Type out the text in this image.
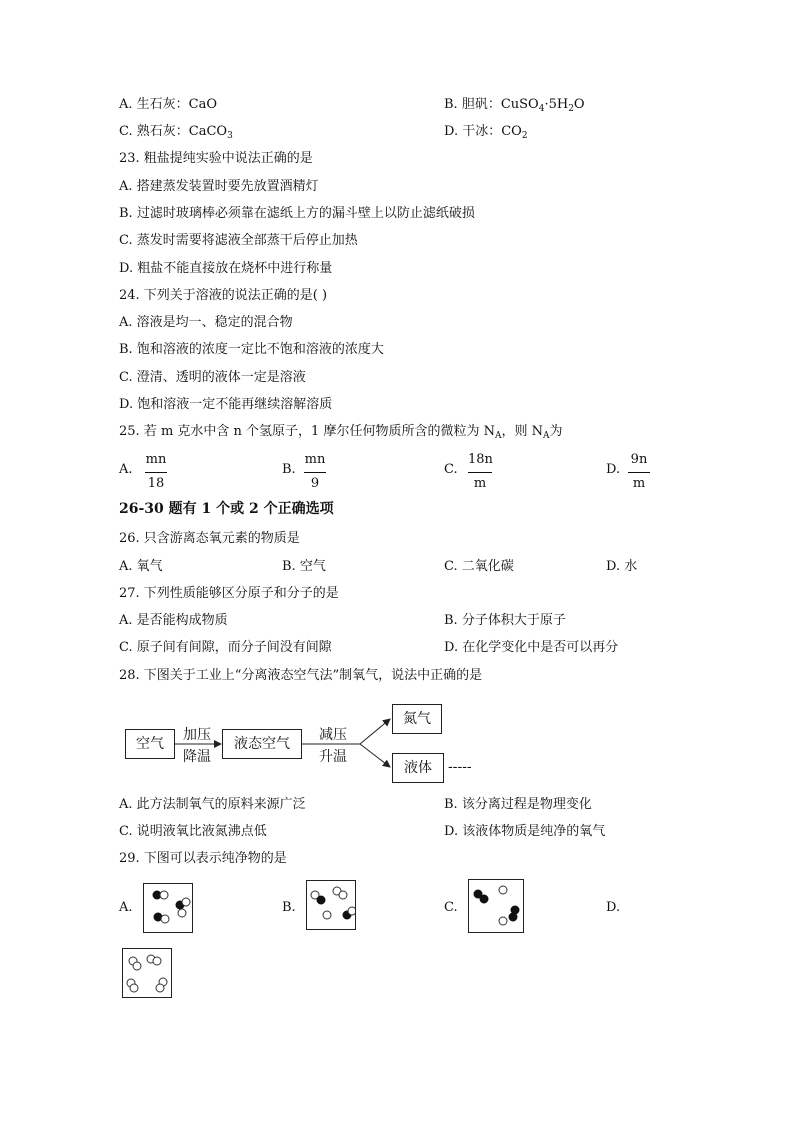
A. 生石灰：CaO	B. 胆矾：$CuSO_4\cdot 5H_2O$
C. 熟石灰：CaCO$_3$	D. 干冰：$CO_2$
23. 粗盐提纯实验中说法正确的是
A. 搭建蒸发装置时要先放置酒精灯
B. 过滤时玻璃棒必须靠在滤纸上方的漏斗壁上以防止滤纸破损
C. 蒸发时需要将滤液全部蒸干后停止加热
D. 粗盐不能直接放在烧杯中进行称量
24. 下列关于溶液的说法正确的是( )
A. 溶液是均一、稳定的混合物
B. 饱和溶液的浓度一定比不饱和溶液的浓度大
C. 澄清、透明的液体一定是溶液
D. 饱和溶液一定不能再继续溶解溶质
25. 若 m 克水中含 n 个氢原子，1 摩尔任何物质所含的微粒为 $N_A$，则 $N_A$为
A.
mn
18
B.
mn
9
C.
18n
m
D.
9n
m
26-30 题有 1 个或 2 个正确选项
26. 只含游离态氧元素的物质是
A. 氧气	B. 空气	C. 二氧化碳	D. 水
27. 下列性质能够区分原子和分子的是
A. 是否能构成物质	B. 分子体积大于原子
C. 原子间有间隙，而分子间没有间隙	D. 在化学变化中是否可以再分
28. 下图关于工业上“分离液态空气法”制氧气，说法中正确的是
空气
加压
降温
液态空气
减压
升温
氮气
液体	-----
A. 此方法制氧气的原料来源广泛	B. 该分离过程是物理变化
C. 说明液氧比液氮沸点低	D. 该液体物质是纯净的氧气
29. 下图可以表示纯净物的是
A.	B.	C.	D.
